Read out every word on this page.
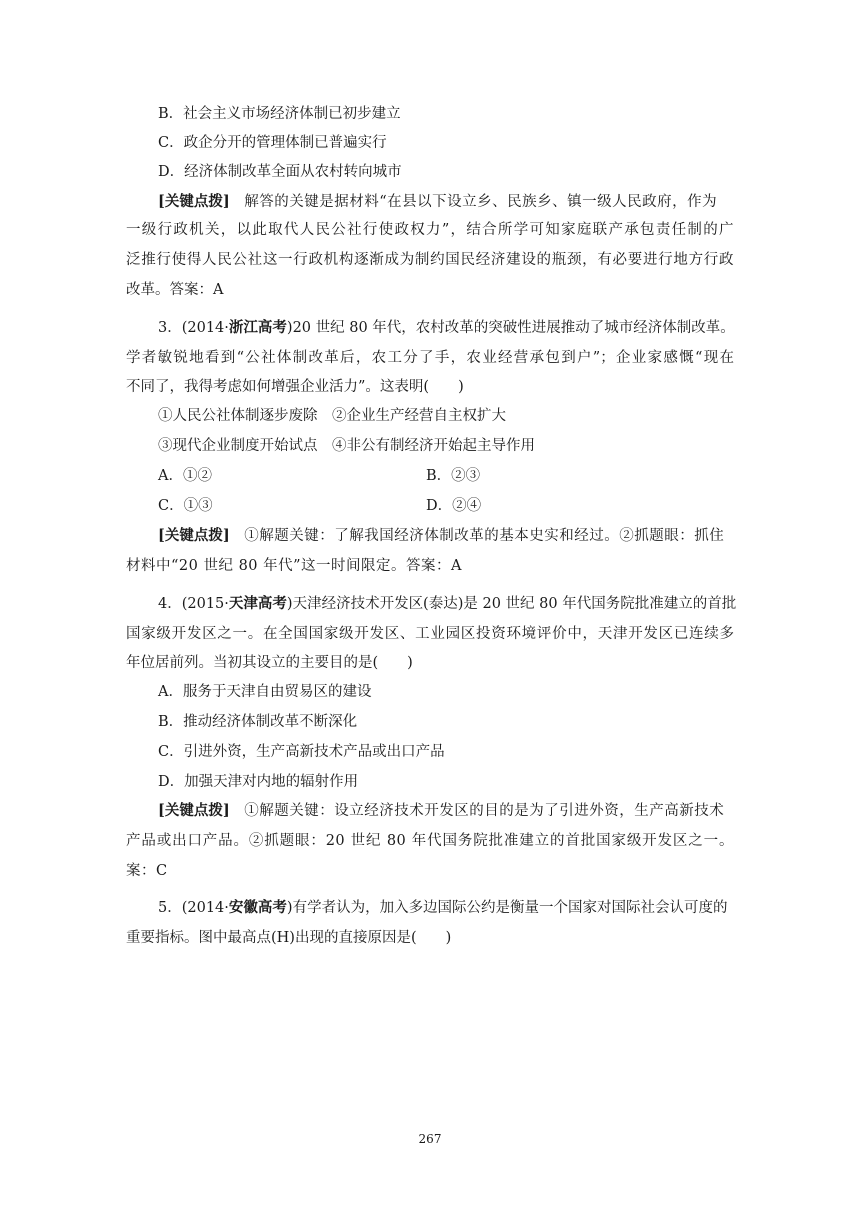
B．社会主义市场经济体制已初步建立
C．政企分开的管理体制已普遍实行
D．经济体制改革全面从农村转向城市
[关键点拨]  解答的关键是据材料“在县以下设立乡、民族乡、镇一级人民政府，作为
一级行政机关，以此取代人民公社行使政权力”，结合所学可知家庭联产承包责任制的广
泛推行使得人民公社这一行政机构逐渐成为制约国民经济建设的瓶颈，有必要进行地方行政
改革。答案：A
3．(2014·浙江高考)20 世纪 80 年代，农村改革的突破性进展推动了城市经济体制改革。
学者敏锐地看到“公社体制改革后，农工分了手，农业经营承包到户”；企业家感慨“现在
不同了，我得考虑如何增强企业活力”。这表明(　　)
①人民公社体制逐步废除　②企业生产经营自主权扩大
③现代企业制度开始试点　④非公有制经济开始起主导作用
A．①②	B．②③
C．①③	D．②④
[关键点拨]  ①解题关键：了解我国经济体制改革的基本史实和经过。②抓题眼：抓住
材料中“20 世纪 80 年代”这一时间限定。答案：A
4．(2015·天津高考)天津经济技术开发区(泰达)是 20 世纪 80 年代国务院批准建立的首批
国家级开发区之一。在全国国家级开发区、工业园区投资环境评价中，天津开发区已连续多
年位居前列。当初其设立的主要目的是(　　)
A．服务于天津自由贸易区的建设
B．推动经济体制改革不断深化
C．引进外资，生产高新技术产品或出口产品
D．加强天津对内地的辐射作用
[关键点拨]  ①解题关键：设立经济技术开发区的目的是为了引进外资，生产高新技术
产品或出口产品。②抓题眼：20 世纪 80 年代国务院批准建立的首批国家级开发区之一。
案：C
5．(2014·安徽高考)有学者认为，加入多边国际公约是衡量一个国家对国际社会认可度的
重要指标。图中最高点(H)出现的直接原因是(　　)
267
